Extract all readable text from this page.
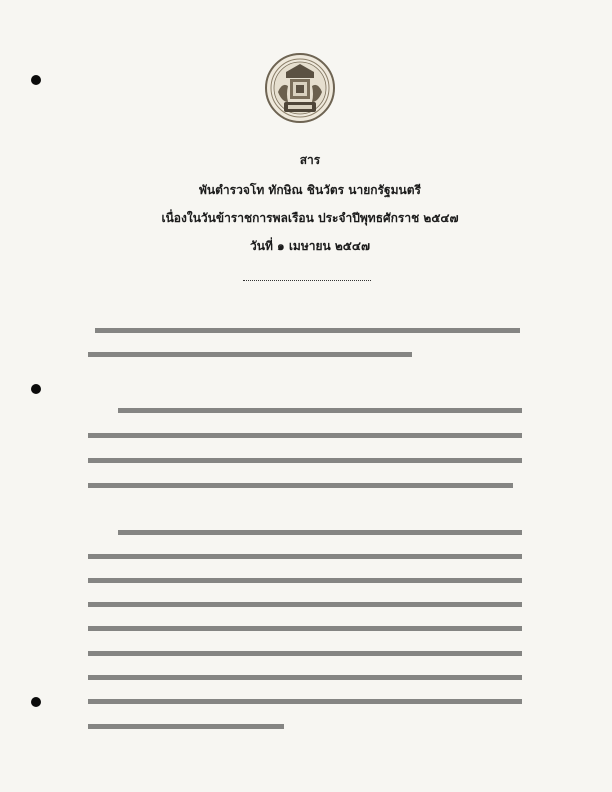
สาร
พันตำรวจโท ทักษิณ ชินวัตร นายกรัฐมนตรี
เนื่องในวันข้าราชการพลเรือน ประจำปีพุทธศักราช ๒๕๔๗
วันที่ ๑ เมษายน ๒๕๔๗
